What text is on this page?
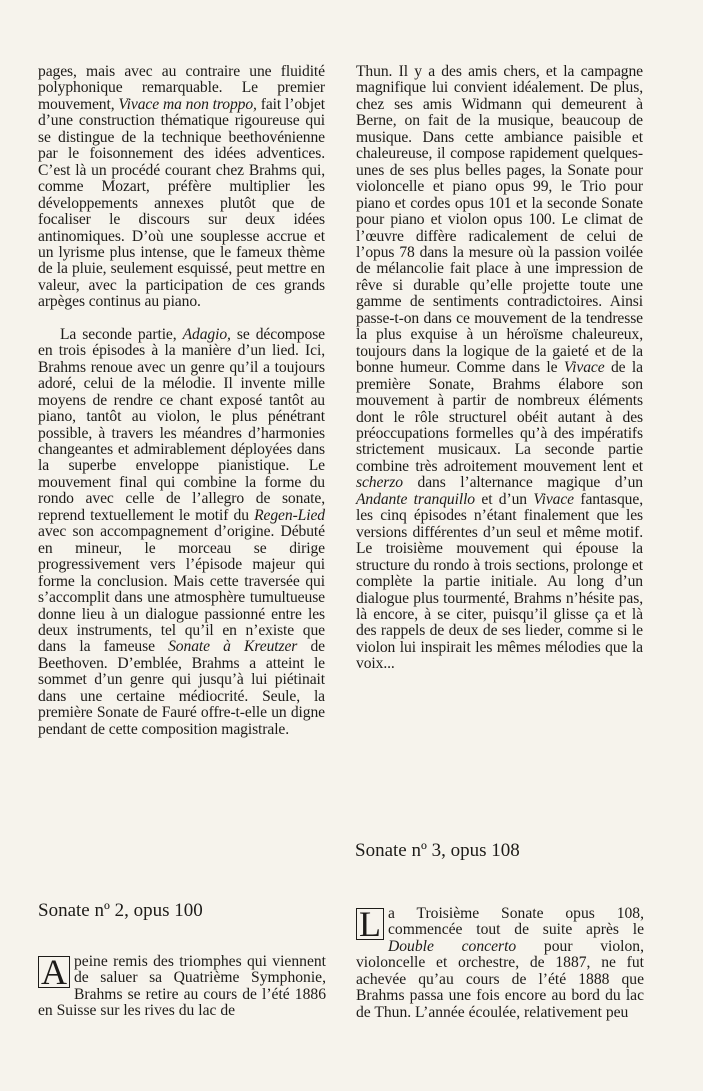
pages, mais avec au contraire une fluidité polyphonique remarquable. Le premier mouvement, Vivace ma non troppo, fait l’objet d’une construction thématique rigoureuse qui se distingue de la technique beethovénienne par le foisonnement des idées adventices. C’est là un procédé courant chez Brahms qui, comme Mozart, préfère multiplier les développements annexes plutôt que de focaliser le discours sur deux idées antinomiques. D’où une souplesse accrue et un lyrisme plus intense, que le fameux thème de la pluie, seulement esquissé, peut mettre en valeur, avec la participation de ces grands arpèges continus au piano.

La seconde partie, Adagio, se décompose en trois épisodes à la manière d’un lied. Ici, Brahms renoue avec un genre qu’il a toujours adoré, celui de la mélodie. Il invente mille moyens de rendre ce chant exposé tantôt au piano, tantôt au violon, le plus pénétrant possible, à travers les méandres d’harmonies changeantes et admirablement déployées dans la superbe enveloppe pianistique. Le mouvement final qui combine la forme du rondo avec celle de l’allegro de sonate, reprend textuellement le motif du Regen-Lied avec son accompagnement d’origine. Débuté en mineur, le morceau se dirige progressivement vers l’épisode majeur qui forme la conclusion. Mais cette traversée qui s’accomplit dans une atmosphère tumultueuse donne lieu à un dialogue passionné entre les deux instruments, tel qu’il en n’existe que dans la fameuse Sonate à Kreutzer de Beethoven. D’emblée, Brahms a atteint le sommet d’un genre qui jusqu’à lui piétinait dans une certaine médiocrité. Seule, la première Sonate de Fauré offre-t-elle un digne pendant de cette composition magistrale.

Thun. Il y a des amis chers, et la campagne magnifique lui convient idéalement. De plus, chez ses amis Widmann qui demeurent à Berne, on fait de la musique, beaucoup de musique. Dans cette ambiance paisible et chaleureuse, il compose rapidement quelques-unes de ses plus belles pages, la Sonate pour violoncelle et piano opus 99, le Trio pour piano et cordes opus 101 et la seconde Sonate pour piano et violon opus 100. Le climat de l’œuvre diffère radicalement de celui de l’opus 78 dans la mesure où la passion voilée de mélancolie fait place à une impression de rêve si durable qu’elle projette toute une gamme de sentiments contradictoires. Ainsi passe-t-on dans ce mouvement de la tendresse la plus exquise à un héroïsme chaleureux, toujours dans la logique de la gaieté et de la bonne humeur. Comme dans le Vivace de la première Sonate, Brahms élabore son mouvement à partir de nombreux éléments dont le rôle structurel obéit autant à des préoccupations formelles qu’à des impératifs strictement musicaux. La seconde partie combine très adroitement mouvement lent et scherzo dans l’alternance magique d’un Andante tranquillo et d’un Vivace fantasque, les cinq épisodes n’étant finalement que les versions différentes d’un seul et même motif. Le troisième mouvement qui épouse la structure du rondo à trois sections, prolonge et complète la partie initiale. Au long d’un dialogue plus tourmenté, Brahms n’hésite pas, là encore, à se citer, puisqu’il glisse ça et là des rappels de deux de ses lieder, comme si le violon lui inspirait les mêmes mélodies que la voix...

Sonate nº 3, opus 108
L a Troisième Sonate opus 108, commencée tout de suite après le Double concerto pour violon, violoncelle et orchestre, de 1887, ne fut achevée qu’au cours de l’été 1888 que Brahms passa une fois encore au bord du lac de Thun. L’année écoulée, relativement peu
Sonate nº 2, opus 100
A peine remis des triomphes qui viennent de saluer sa Quatrième Symphonie, Brahms se retire au cours de l’été 1886 en Suisse sur les rives du lac de
